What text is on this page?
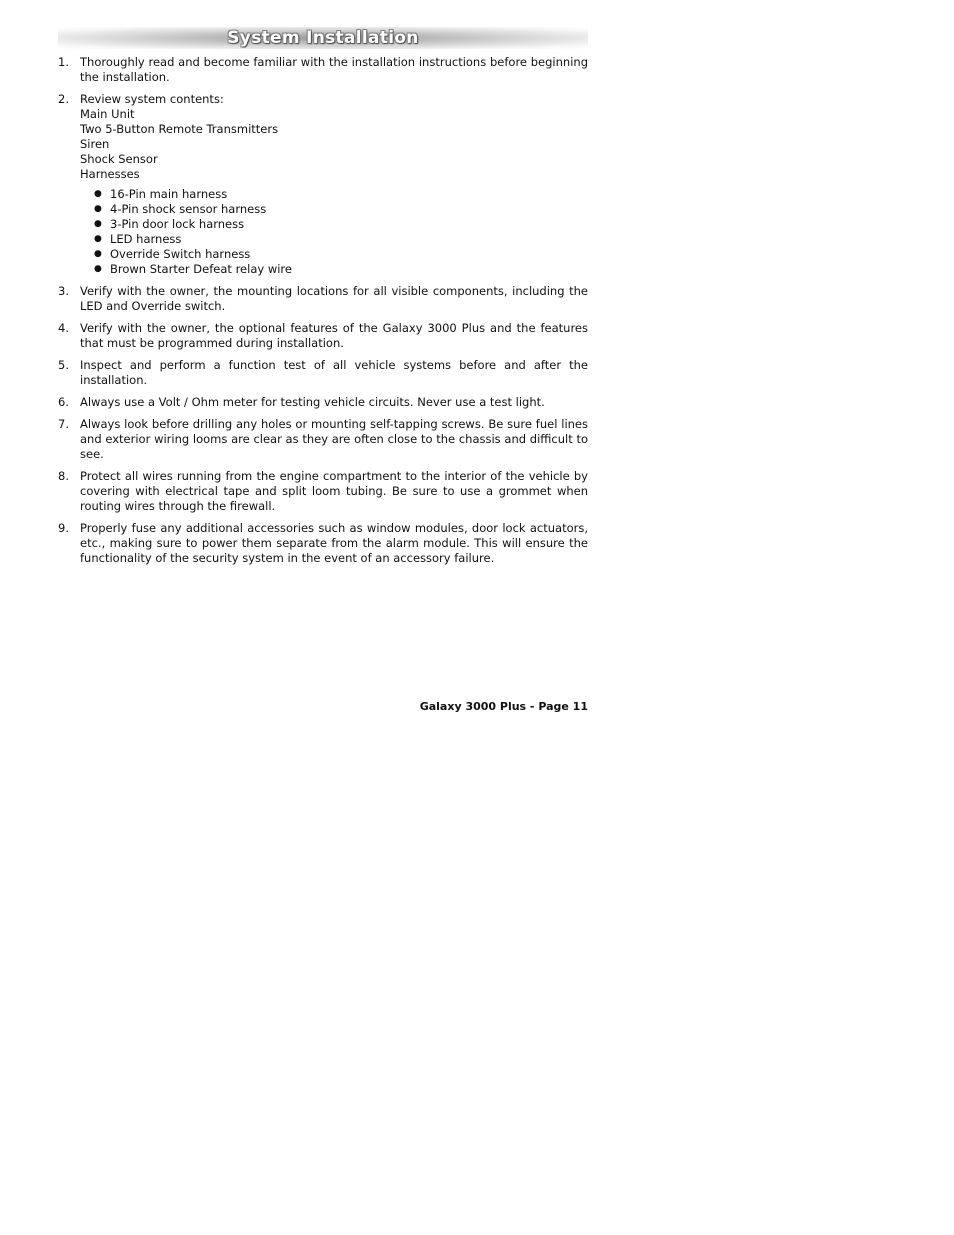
System Installation
1. Thoroughly read and become familiar with the installation instructions before beginning the installation.
2. Review system contents:
Main Unit
Two 5-Button Remote Transmitters
Siren
Shock Sensor
Harnesses
● 16-Pin main harness
● 4-Pin shock sensor harness
● 3-Pin door lock harness
● LED harness
● Override Switch harness
● Brown Starter Defeat relay wire
3. Verify with the owner, the mounting locations for all visible components, including the LED and Override switch.
4. Verify with the owner, the optional features of the Galaxy 3000 Plus and the features that must be programmed during installation.
5. Inspect and perform a function test of all vehicle systems before and after the installation.
6. Always use a Volt / Ohm meter for testing vehicle circuits. Never use a test light.
7. Always look before drilling any holes or mounting self-tapping screws. Be sure fuel lines and exterior wiring looms are clear as they are often close to the chassis and difficult to see.
8. Protect all wires running from the engine compartment to the interior of the vehicle by covering with electrical tape and split loom tubing. Be sure to use a grommet when routing wires through the firewall.
9. Properly fuse any additional accessories such as window modules, door lock actuators, etc., making sure to power them separate from the alarm module. This will ensure the functionality of the security system in the event of an accessory failure.
Galaxy 3000 Plus - Page 11
